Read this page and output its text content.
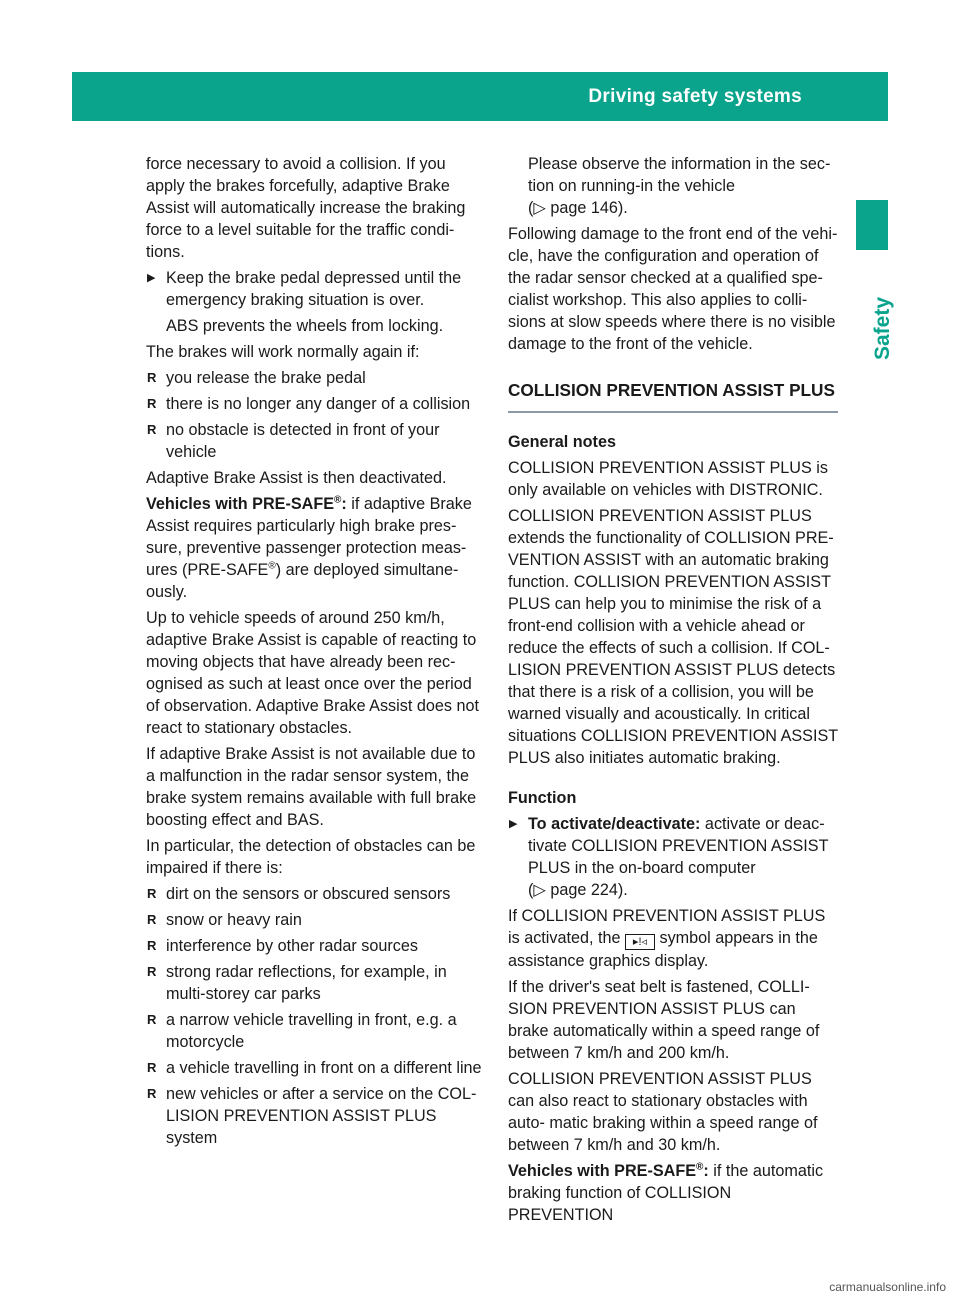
Driving safety systems	67
Safety

force necessary to avoid a collision. If you apply the brakes forcefully, adaptive Brake Assist will automatically increase the braking force to a level suitable for the traffic condi- tions.

▶ Keep the brake pedal depressed until the emergency braking situation is over.

ABS prevents the wheels from locking.

The brakes will work normally again if:

R you release the brake pedal
R there is no longer any danger of a collision
R no obstacle is detected in front of your vehicle

Adaptive Brake Assist is then deactivated.

Vehicles with PRE-SAFE®: if adaptive Brake Assist requires particularly high brake pres- sure, preventive passenger protection meas- ures (PRE-SAFE®) are deployed simultane- ously.

Up to vehicle speeds of around 250 km/h, adaptive Brake Assist is capable of reacting to moving objects that have already been rec- ognised as such at least once over the period of observation. Adaptive Brake Assist does not react to stationary obstacles.

If adaptive Brake Assist is not available due to a malfunction in the radar sensor system, the brake system remains available with full brake boosting effect and BAS.

In particular, the detection of obstacles can be impaired if there is:

R dirt on the sensors or obscured sensors
R snow or heavy rain
R interference by other radar sources
R strong radar reflections, for example, in multi-storey car parks
R a narrow vehicle travelling in front, e.g. a motorcycle
R a vehicle travelling in front on a different line
R new vehicles or after a service on the COL- LISION PREVENTION ASSIST PLUS system

Please observe the information in the sec- tion on running-in the vehicle
(▷ page 146).

Following damage to the front end of the vehi- cle, have the configuration and operation of the radar sensor checked at a qualified spe- cialist workshop. This also applies to colli- sions at slow speeds where there is no visible damage to the front of the vehicle.

COLLISION PREVENTION ASSIST PLUS
General notes

COLLISION PREVENTION ASSIST PLUS is only available on vehicles with DISTRONIC.

COLLISION PREVENTION ASSIST PLUS extends the functionality of COLLISION PRE- VENTION ASSIST with an automatic braking function. COLLISION PREVENTION ASSIST PLUS can help you to minimise the risk of a front-end collision with a vehicle ahead or reduce the effects of such a collision. If COL- LISION PREVENTION ASSIST PLUS detects that there is a risk of a collision, you will be warned visually and acoustically. In critical situations COLLISION PREVENTION ASSIST PLUS also initiates automatic braking.

Function
▶ To activate/deactivate: activate or deac- tivate COLLISION PREVENTION ASSIST PLUS in the on-board computer
(▷ page 224).

If COLLISION PREVENTION ASSIST PLUS is activated, the ▸!◃ symbol appears in the assistance graphics display.

If the driver's seat belt is fastened, COLLI- SION PREVENTION ASSIST PLUS can brake automatically within a speed range of between 7 km/h and 200 km/h.

COLLISION PREVENTION ASSIST PLUS can also react to stationary obstacles with auto- matic braking within a speed range of between 7 km/h and 30 km/h.

Vehicles with PRE-SAFE®: if the automatic braking function of COLLISION PREVENTION

carmanualsonline.info
